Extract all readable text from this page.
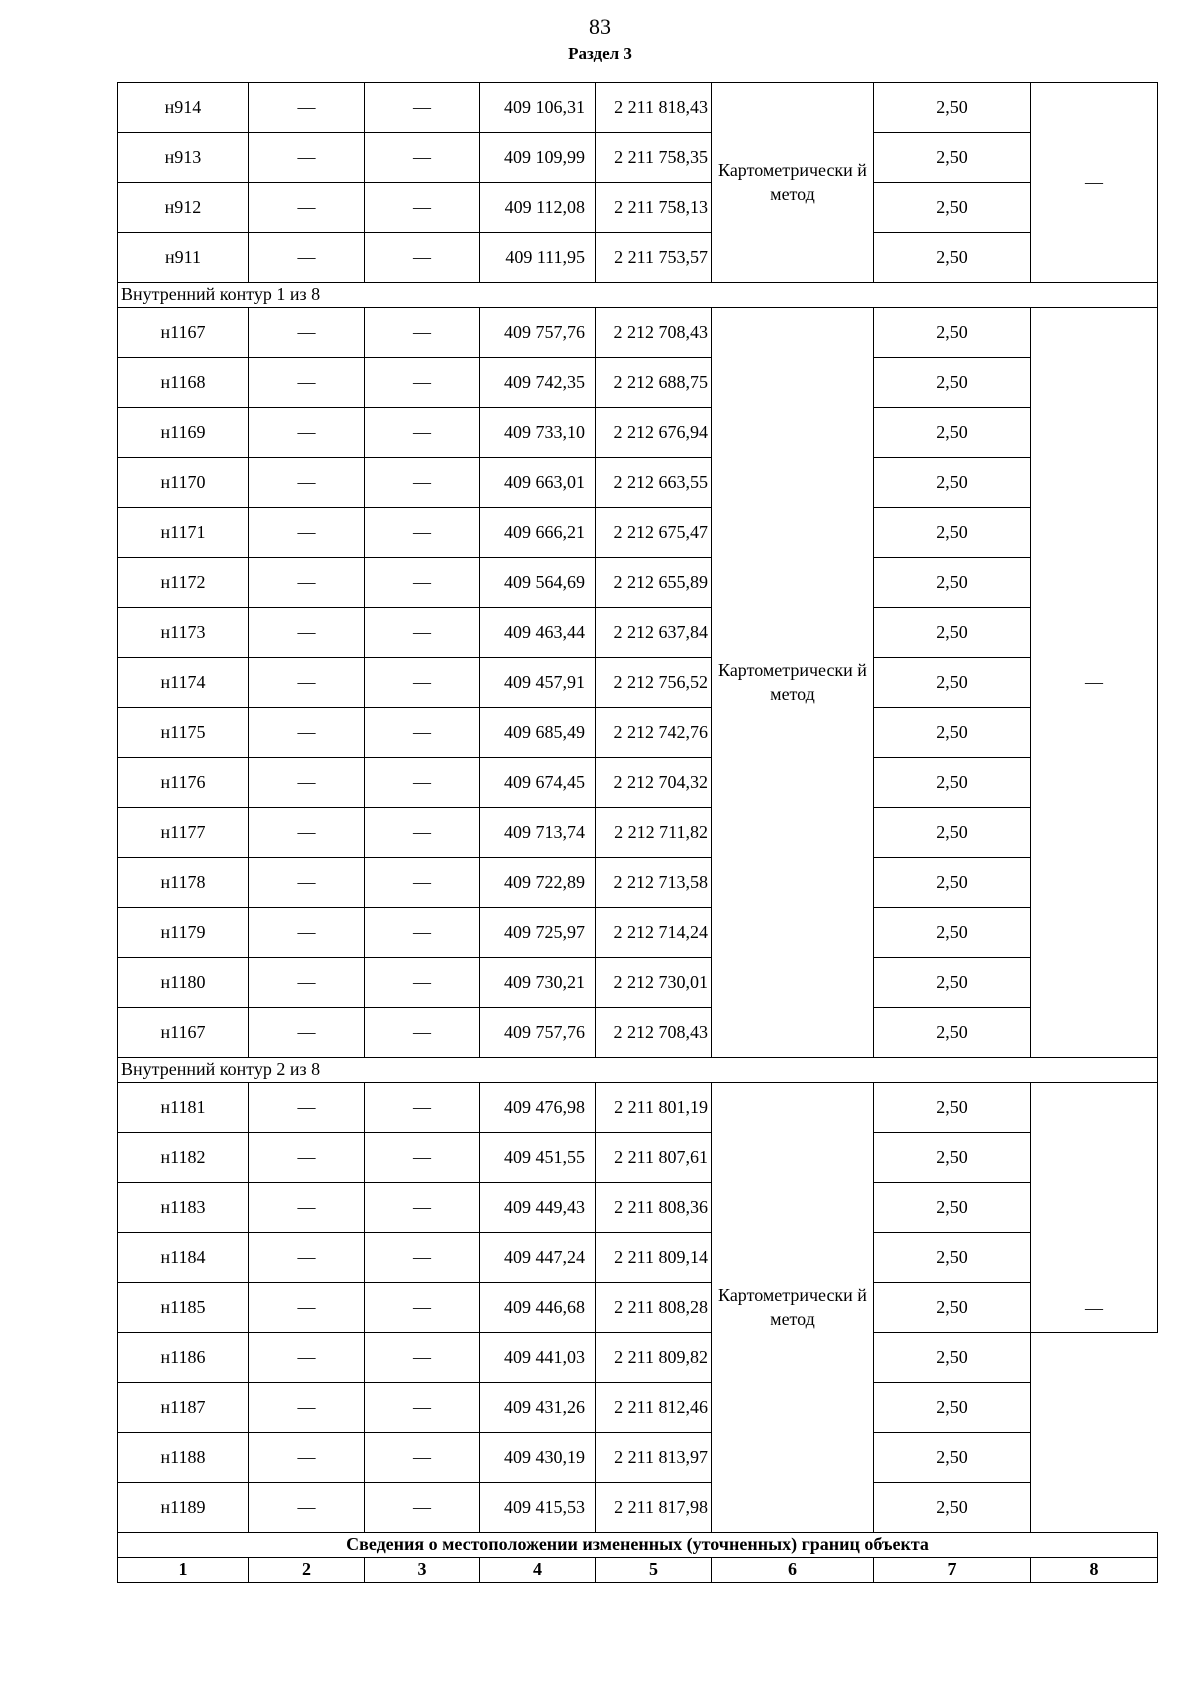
83
Раздел 3
н914	—	—	409 106,31	2 211 818,43	Картометрически й метод	2,50	—
н913	—	—	409 109,99	2 211 758,35		2,50	
н912	—	—	409 112,08	2 211 758,13		2,50	
н911	—	—	409 111,95	2 211 753,57		2,50	
Внутренний контур 1 из 8							
н1167	—	—	409 757,76	2 212 708,43	Картометрически й метод	2,50	—
н1168	—	—	409 742,35	2 212 688,75		2,50	
н1169	—	—	409 733,10	2 212 676,94		2,50	
н1170	—	—	409 663,01	2 212 663,55		2,50	
н1171	—	—	409 666,21	2 212 675,47		2,50	
н1172	—	—	409 564,69	2 212 655,89		2,50	
н1173	—	—	409 463,44	2 212 637,84		2,50	
н1174	—	—	409 457,91	2 212 756,52		2,50	
н1175	—	—	409 685,49	2 212 742,76		2,50	
н1176	—	—	409 674,45	2 212 704,32		2,50	
н1177	—	—	409 713,74	2 212 711,82		2,50	
н1178	—	—	409 722,89	2 212 713,58		2,50	
н1179	—	—	409 725,97	2 212 714,24		2,50	
н1180	—	—	409 730,21	2 212 730,01		2,50	
н1167	—	—	409 757,76	2 212 708,43		2,50	
Внутренний контур 2 из 8							
н1181	—	—	409 476,98	2 211 801,19		2,50	—
н1182	—	—	409 451,55	2 211 807,61		2,50	
н1183	—	—	409 449,43	2 211 808,36		2,50	
н1184	—	—	409 447,24	2 211 809,14		2,50	
н1185	—	—	409 446,68	2 211 808,28	Картометрически й метод	2,50	
н1186	—	—	409 441,03	2 211 809,82		2,50	
н1187	—	—	409 431,26	2 211 812,46		2,50	
н1188	—	—	409 430,19	2 211 813,97		2,50	
н1189	—	—	409 415,53	2 211 817,98		2,50	
Сведения о местоположении измененных (уточненных) границ объекта							
1	2	3	4	5	6	7	8
